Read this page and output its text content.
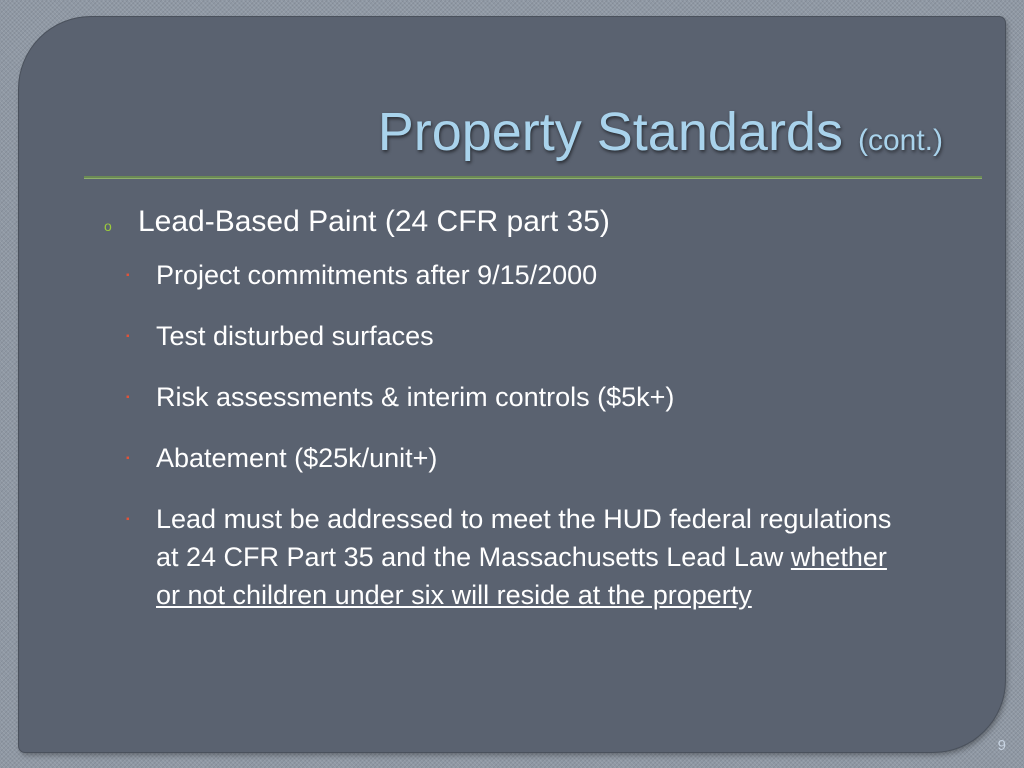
Property Standards (cont.)
o Lead-Based Paint (24 CFR part 35)
▪ Project commitments after 9/15/2000
▪ Test disturbed surfaces
▪ Risk assessments & interim controls ($5k+)
▪ Abatement ($25k/unit+)
▪ Lead must be addressed to meet the HUD federal regulations at 24 CFR Part 35 and the Massachusetts Lead Law whether or not children under six will reside at the property
9
